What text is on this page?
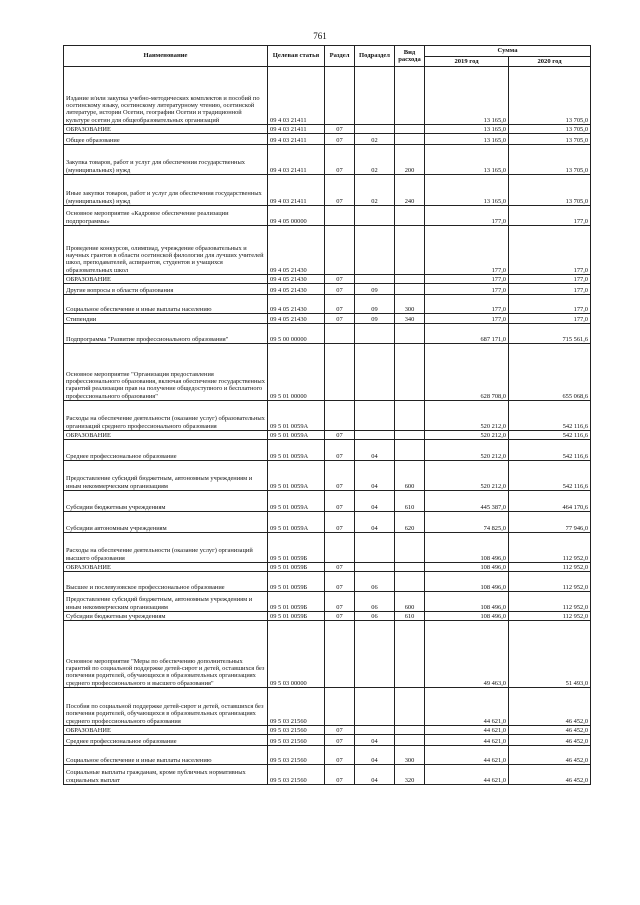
761
Наименование	Целевая статья	Раздел	Подраздел	Вид расхода	Сумма	
					2019 год	2020 год
Издание и/или закупка учебно-методических комплектов и пособий по осетинскому языку, осетинскому литературному чтению, осетинской литературе, истории Осетии, географии Осетии и традиционной культуре осетин для общеобразовательных организаций	09 4 03 21411				13 165,0	13 705,0
ОБРАЗОВАНИЕ	09 4 03 21411	07			13 165,0	13 705,0
Общее образование	09 4 03 21411	07	02		13 165,0	13 705,0
Закупка товаров, работ и услуг для обеспечения государственных (муниципальных) нужд	09 4 03 21411	07	02	200	13 165,0	13 705,0
Иные закупки товаров, работ и услуг для обеспечения государственных (муниципальных) нужд	09 4 03 21411	07	02	240	13 165,0	13 705,0
Основное мероприятие «Кадровое обеспечение реализации подпрограммы»	09 4 05 00000				177,0	177,0
Проведение конкурсов, олимпиад, учреждение образовательных и научных грантов в области осетинской филологии для лучших учителей школ, преподавателей, аспирантов, студентов и учащихся образовательных школ	09 4 05 21430				177,0	177,0
ОБРАЗОВАНИЕ	09 4 05 21430	07			177,0	177,0
Другие вопросы в области образования	09 4 05 21430	07	09		177,0	177,0
Социальное обеспечение и иные выплаты населению	09 4 05 21430	07	09	300	177,0	177,0
Стипендии	09 4 05 21430	07	09	340	177,0	177,0
Подпрограмма "Развитие профессионального образования"	09 5 00 00000				687 171,0	715 561,6
Основное мероприятие "Организация предоставления профессионального образования, включая обеспечение государственных гарантий реализации прав на получение общедоступного и бесплатного профессионального образования"	09 5 01 00000				628 708,0	655 068,6
Расходы на обеспечение деятельности (оказание услуг) образовательных организаций среднего профессионального образования	09 5 01 0059А				520 212,0	542 116,6
ОБРАЗОВАНИЕ	09 5 01 0059А	07			520 212,0	542 116,6
Среднее профессиональное образование	09 5 01 0059А	07	04		520 212,0	542 116,6
Предоставление субсидий бюджетным, автономным учреждениям и иным некоммерческим организациям	09 5 01 0059А	07	04	600	520 212,0	542 116,6
Субсидии бюджетным учреждениям	09 5 01 0059А	07	04	610	445 387,0	464 170,6
Субсидии автономным учреждениям	09 5 01 0059А	07	04	620	74 825,0	77 946,0
Расходы на обеспечение деятельности (оказание услуг) организаций высшего образования	09 5 01 0059Б				108 496,0	112 952,0
ОБРАЗОВАНИЕ	09 5 01 0059Б	07			108 496,0	112 952,0
Высшее и послевузовское профессиональное образование	09 5 01 0059Б	07	06		108 496,0	112 952,0
Предоставление субсидий бюджетным, автономным учреждениям и иным некоммерческим организациям	09 5 01 0059Б	07	06	600	108 496,0	112 952,0
Субсидии бюджетным учреждениям	09 5 01 0059Б	07	06	610	108 496,0	112 952,0
Основное мероприятие "Меры по обеспечению дополнительных гарантий по социальной поддержке детей-сирот и детей, оставшихся без попечения родителей, обучающихся в образовательных организациях среднего профессионального и высшего образования"	09 5 03 00000				49 463,0	51 493,0
Пособия по социальной поддержке детей-сирот и детей, оставшихся без попечения родителей, обучающихся в образовательных организациях среднего профессионального образования	09 5 03 21560				44 621,0	46 452,0
ОБРАЗОВАНИЕ	09 5 03 21560	07			44 621,0	46 452,0
Среднее профессиональное образование	09 5 03 21560	07	04		44 621,0	46 452,0
Социальное обеспечение и иные выплаты населению	09 5 03 21560	07	04	300	44 621,0	46 452,0
Социальные выплаты гражданам, кроме публичных нормативных социальных выплат	09 5 03 21560	07	04	320	44 621,0	46 452,0
